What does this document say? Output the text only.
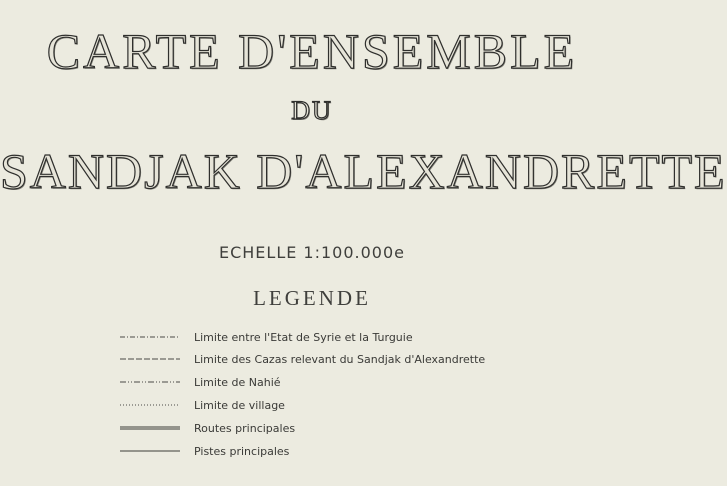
CARTE D'ENSEMBLE
DU
SANDJAK D'ALEXANDRETTE
ECHELLE 1:100.000e
LEGENDE
Limite entre l'Etat de Syrie et la Turguie
Limite des Cazas relevant du Sandjak d'Alexandrette
Limite de Nahié
Limite de village
Routes principales
Pistes principales
